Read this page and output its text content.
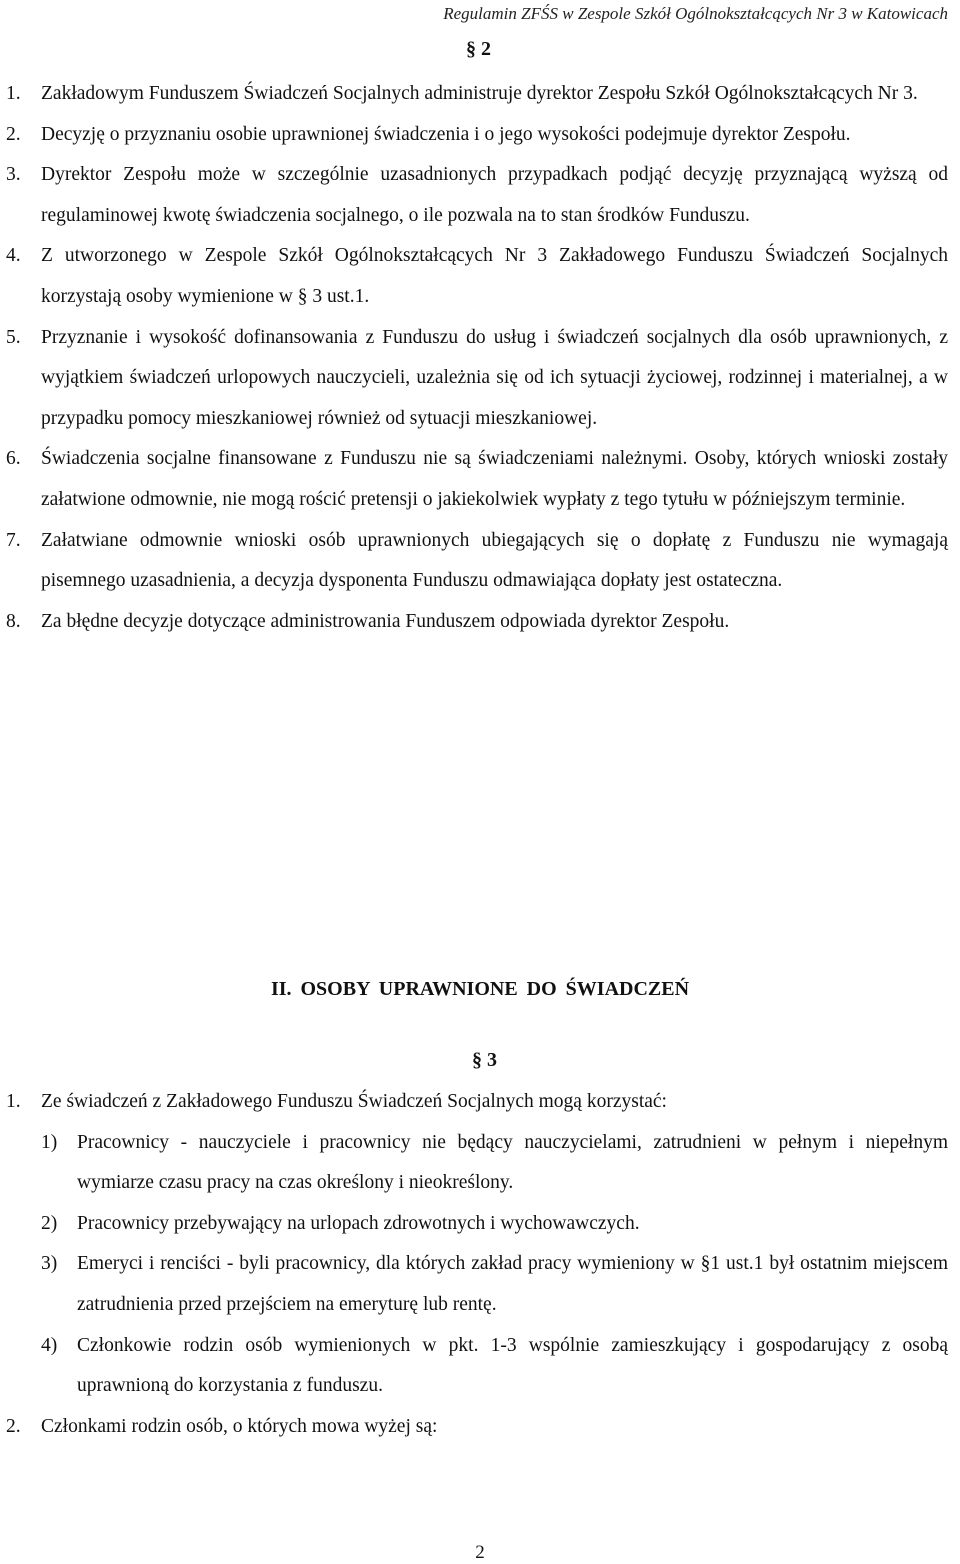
Regulamin ZFŚS w Zespole Szkół Ogólnokształcących Nr 3 w Katowicach
§ 2
1. Zakładowym Funduszem Świadczeń Socjalnych administruje dyrektor Zespołu Szkół Ogólnokształcących Nr 3.
2. Decyzję o przyznaniu osobie uprawnionej świadczenia i o jego wysokości podejmuje dyrektor Zespołu.
3. Dyrektor Zespołu może w szczególnie uzasadnionych przypadkach podjąć decyzję przyznającą wyższą od regulaminowej kwotę świadczenia socjalnego, o ile pozwala na to stan środków Funduszu.
4. Z utworzonego w Zespole Szkół Ogólnokształcących Nr 3 Zakładowego Funduszu Świadczeń Socjalnych korzystają osoby wymienione w § 3 ust.1.
5. Przyznanie i wysokość dofinansowania z Funduszu do usług i świadczeń socjalnych dla osób uprawnionych, z wyjątkiem świadczeń urlopowych nauczycieli, uzależnia się od ich sytuacji życiowej, rodzinnej i materialnej, a w przypadku pomocy mieszkaniowej również od sytuacji mieszkaniowej.
6. Świadczenia socjalne finansowane z Funduszu nie są świadczeniami należnymi. Osoby, których wnioski zostały załatwione odmownie, nie mogą rościć pretensji o jakiekolwiek wypłaty z tego tytułu w późniejszym terminie.
7. Załatwiane odmownie wnioski osób uprawnionych ubiegających się o dopłatę z Funduszu nie wymagają pisemnego uzasadnienia, a decyzja dysponenta Funduszu odmawiająca dopłaty jest ostateczna.
8. Za błędne decyzje dotyczące administrowania Funduszem odpowiada dyrektor Zespołu.
II. OSOBY UPRAWNIONE DO ŚWIADCZEŃ
§ 3
1. Ze świadczeń z Zakładowego Funduszu Świadczeń Socjalnych mogą korzystać:
1) Pracownicy - nauczyciele i pracownicy nie będący nauczycielami, zatrudnieni w pełnym i niepełnym wymiarze czasu pracy na czas określony i nieokreślony.
2) Pracownicy przebywający na urlopach zdrowotnych i wychowawczych.
3) Emeryci i renciści - byli pracownicy, dla których zakład pracy wymieniony w §1 ust.1 był ostatnim miejscem zatrudnienia przed przejściem na emeryturę lub rentę.
4) Członkowie rodzin osób wymienionych w pkt. 1-3 wspólnie zamieszkujący i gospodarujący z osobą uprawnioną do korzystania z funduszu.
2. Członkami rodzin osób, o których mowa wyżej są:
2
